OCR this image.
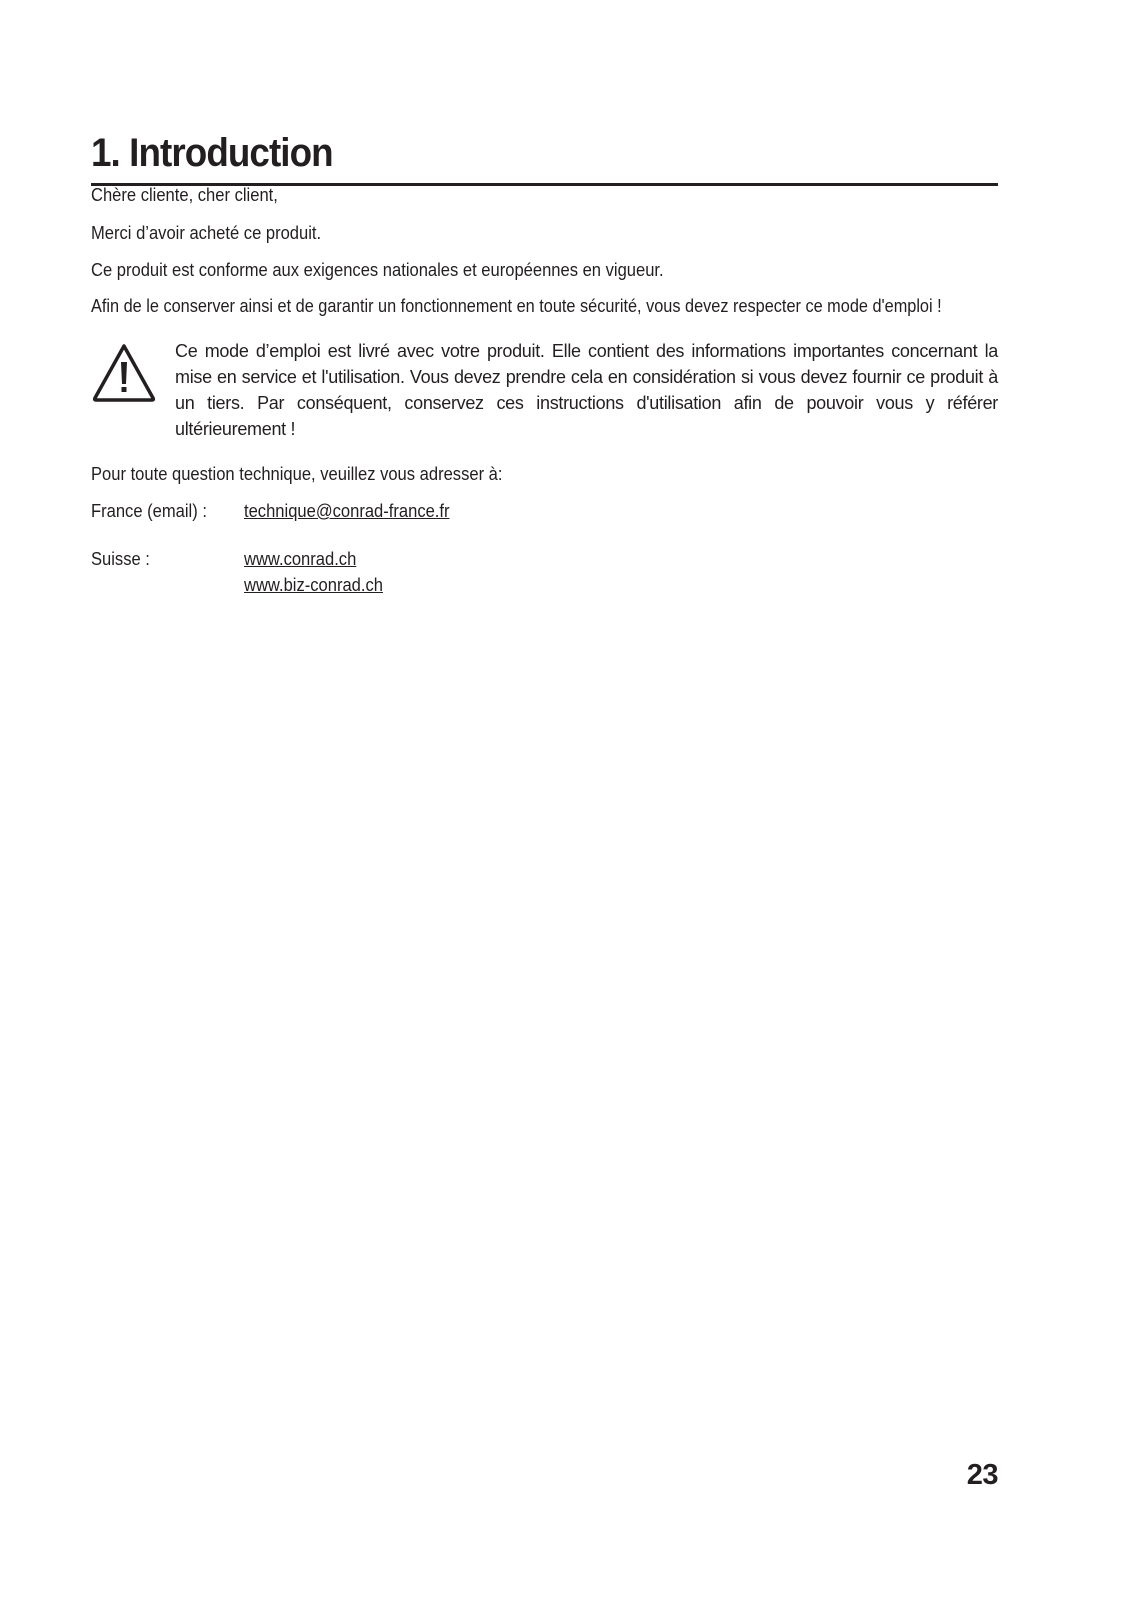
1. Introduction
Chère cliente, cher client,
Merci d’avoir acheté ce produit.
Ce produit est conforme aux exigences nationales et européennes en vigueur.
Afin de le conserver ainsi et de garantir un fonctionnement en toute sécurité, vous devez respecter ce mode d'emploi !
Ce mode d’emploi est livré avec votre produit. Elle contient des informations importantes concernant la mise en service et l'utilisation. Vous devez prendre cela en considération si vous devez fournir ce produit à un tiers. Par conséquent, conservez ces instructions d'utilisation afin de pouvoir vous y référer ultérieurement !
Pour toute question technique, veuillez vous adresser à:
France (email) : technique@conrad-france.fr
Suisse :	www.conrad.ch
www.biz-conrad.ch
23
